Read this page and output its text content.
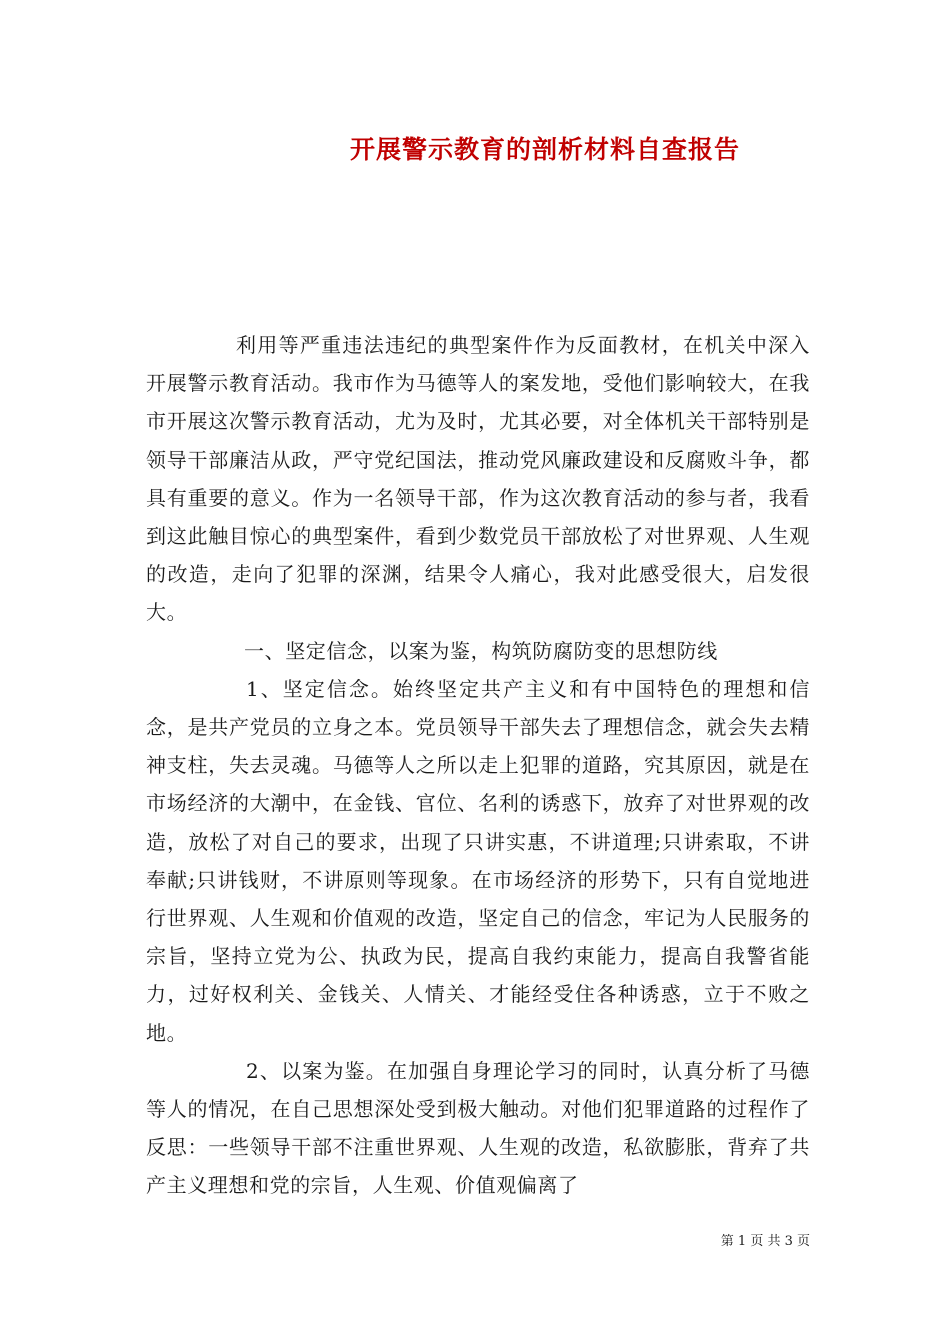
开展警示教育的剖析材料自查报告

利用等严重违法违纪的典型案件作为反面教材，在机关中深入开展警示教育活动。我市作为马德等人的案发地，受他们影响较大，在我市开展这次警示教育活动，尤为及时，尤其必要，对全体机关干部特别是领导干部廉洁从政，严守党纪国法，推动党风廉政建设和反腐败斗争，都具有重要的意义。作为一名领导干部，作为这次教育活动的参与者，我看到这此触目惊心的典型案件，看到少数党员干部放松了对世界观、人生观的改造，走向了犯罪的深渊，结果令人痛心，我对此感受很大，启发很大。

一、坚定信念，以案为鉴，构筑防腐防变的思想防线

1、坚定信念。始终坚定共产主义和有中国特色的理想和信念，是共产党员的立身之本。党员领导干部失去了理想信念，就会失去精神支柱，失去灵魂。马德等人之所以走上犯罪的道路，究其原因，就是在市场经济的大潮中，在金钱、官位、名利的诱惑下，放弃了对世界观的改造，放松了对自己的要求，出现了只讲实惠，不讲道理;只讲索取，不讲奉献;只讲钱财，不讲原则等现象。在市场经济的形势下，只有自觉地进行世界观、人生观和价值观的改造，坚定自己的信念，牢记为人民服务的宗旨，坚持立党为公、执政为民，提高自我约束能力，提高自我警省能力，过好权利关、金钱关、人情关、才能经受住各种诱惑，立于不败之地。

2、以案为鉴。在加强自身理论学习的同时，认真分析了马德等人的情况，在自己思想深处受到极大触动。对他们犯罪道路的过程作了反思：一些领导干部不注重世界观、人生观的改造，私欲膨胀，背弃了共产主义理想和党的宗旨，人生观、价值观偏离了

第 1 页 共 3 页
